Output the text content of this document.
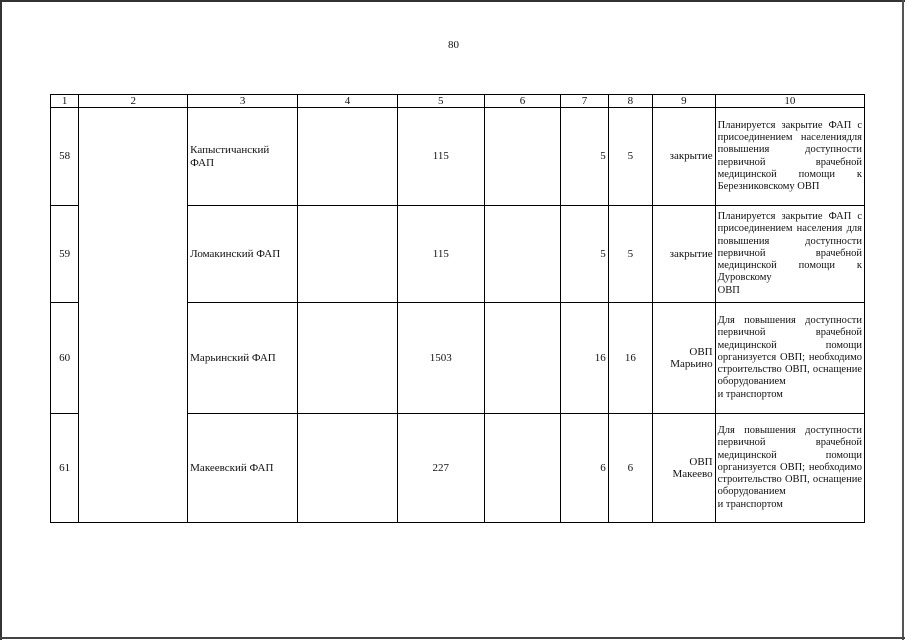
80
1	2	3	4	5	6	7	8	9	10
58		Капыстичанский ФАП		115		5	5	закрытие	Планируется закрытие ФАП с присоединением населениядля повышения доступности первичной врачебной медицинской помощи к
Березниковскому ОВП

59		Ломакинский ФАП		115		5	5	закрытие	Планируется закрытие ФАП с присоединением населения для повышения доступности первичной врачебной медицинской помощи к Дуровскому
ОВП

60		Марьинский ФАП		1503		16	16	ОВП Марьино	Для повышения доступности первичной врачебной медицинской помощи организуется ОВП; необходимо строительство ОВП, оснащение оборудованием
и транспортом

61		Макеевский ФАП		227		6	6	ОВП Макеево	Для повышения доступности первичной врачебной медицинской помощи организуется ОВП; необходимо строительство ОВП, оснащение оборудованием
и транспортом
